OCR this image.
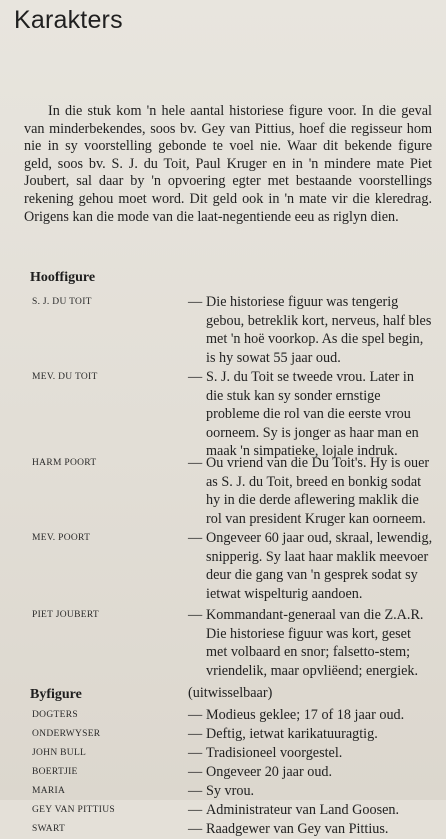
Karakters
In die stuk kom 'n hele aantal historiese figure voor. In die geval van minderbekendes, soos bv. Gey van Pittius, hoef die regisseur hom nie in sy voorstelling gebonde te voel nie. Waar dit bekende figure geld, soos bv. S. J. du Toit, Paul Kruger en in 'n mindere mate Piet Joubert, sal daar by 'n opvoering egter met bestaande voorstellings rekening gehou moet word. Dit geld ook in 'n mate vir die kleredrag. Origens kan die mode van die laat-negentiende eeu as riglyn dien.
Hooffigure
S. J. DU TOIT	— Die historiese figuur was tengerig gebou, betreklik kort, nerveus, half bles met 'n hoë voorkop. As die spel begin, is hy sowat 55 jaar oud.
MEV. DU TOIT	— S. J. du Toit se tweede vrou. Later in die stuk kan sy sonder ernstige probleme die rol van die eerste vrou oorneem. Sy is jonger as haar man en maak 'n simpatieke, lojale indruk.
HARM POORT	— Ou vriend van die Du Toit's. Hy is ouer as S. J. du Toit, breed en bonkig sodat hy in die derde aflewering maklik die rol van president Kruger kan oorneem.
MEV. POORT	— Ongeveer 60 jaar oud, skraal, lewendig, snipperig. Sy laat haar maklik meevoer deur die gang van 'n gesprek sodat sy ietwat wispelturig aandoen.
PIET JOUBERT	— Kommandant-generaal van die Z.A.R. Die historiese figuur was kort, geset met volbaard en snor; falsetto-stem; vriendelik, maar opvliëend; energiek.
Byfigure	(uitwisselbaar)
DOGTERS	— Modieus geklee; 17 of 18 jaar oud.
ONDERWYSER	— Deftig, ietwat karikatuuragtig.
JOHN BULL	— Tradisioneel voorgestel.
BOERTJIE	— Ongeveer 20 jaar oud.
MARIA	— Sy vrou.
GEY VAN PITTIUS	— Administrateur van Land Goosen.
SWART	— Raadgewer van Gey van Pittius.
